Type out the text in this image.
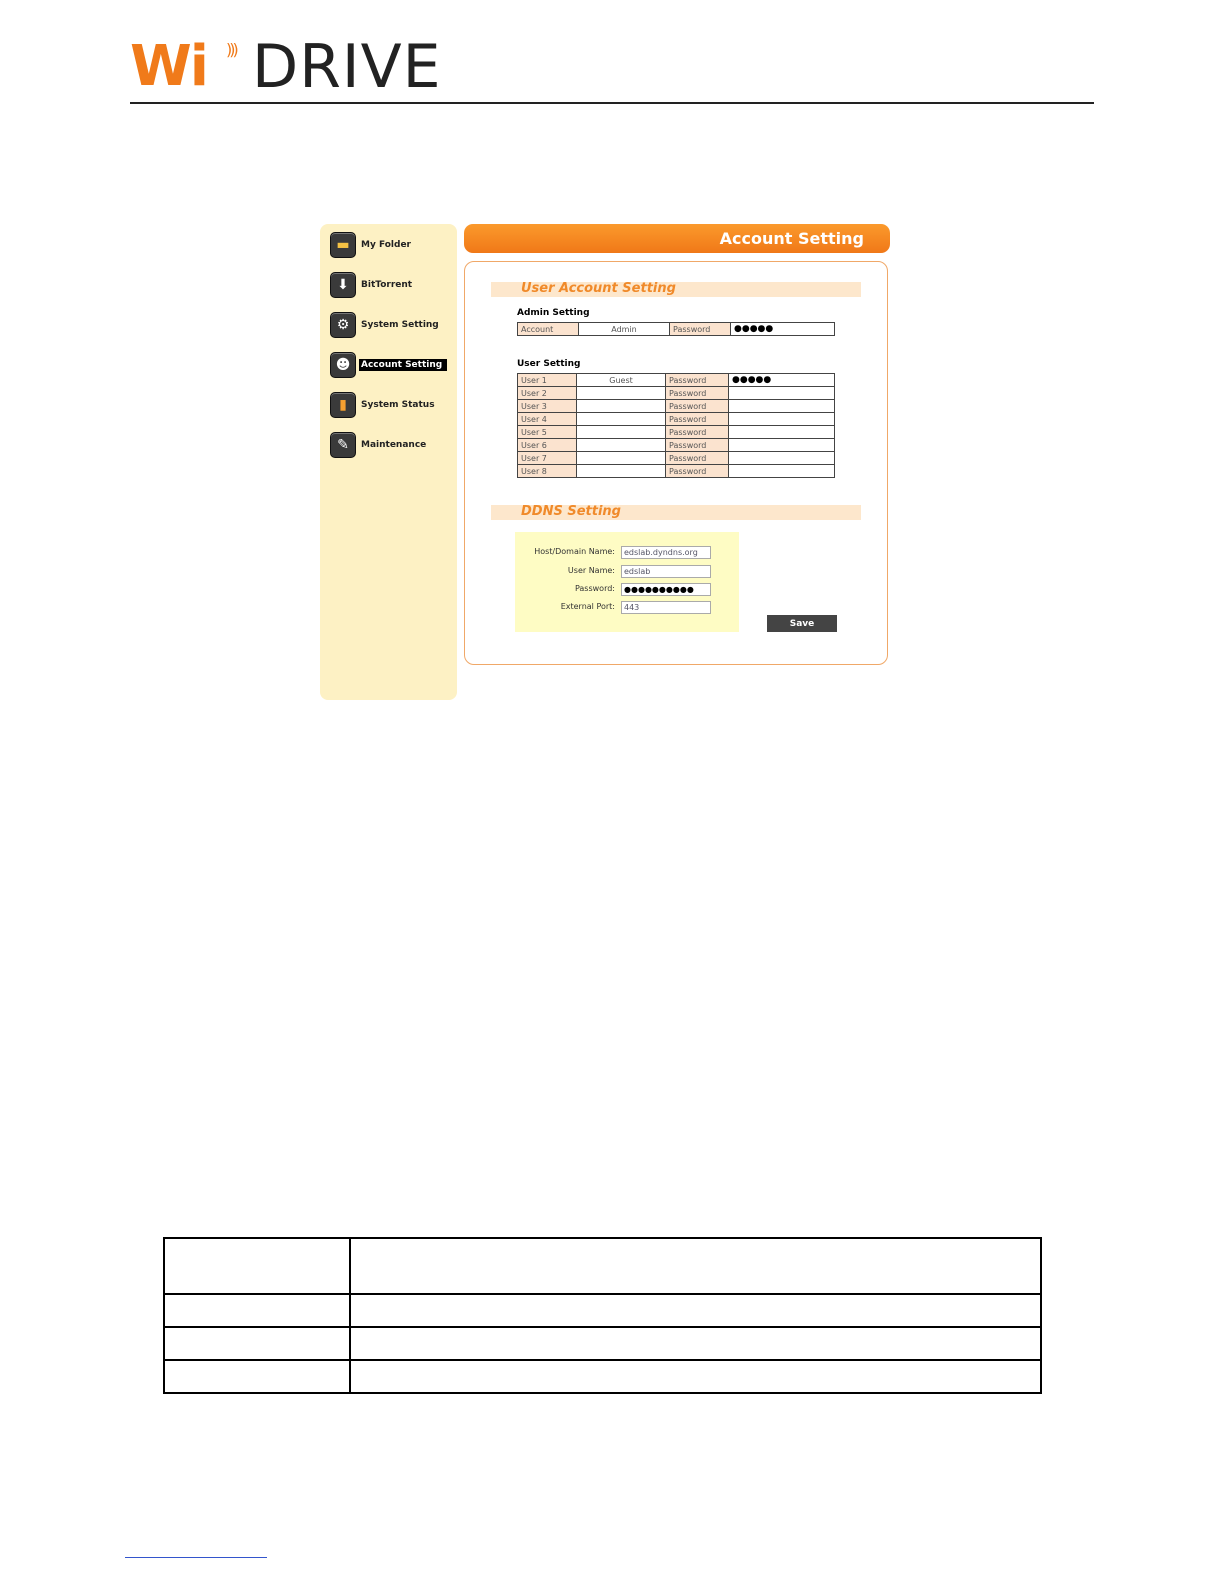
Wi ))) DRIVE
▬	My Folder
⬇	BitTorrent
⚙	System Setting
☻	Account Setting
▮	System Status
✎	Maintenance
Account Setting
User Account Setting
Admin Setting
Account	Admin	Password	●●●●●
User Setting
User 1	Guest	Password	●●●●●
User 2		Password	
User 3		Password	
User 4		Password	
User 5		Password	
User 6		Password	
User 7		Password	
User 8		Password	
DDNS Setting
Host/Domain Name:	edslab.dyndns.org
User Name:	edslab
Password:	●●●●●●●●●●
External Port:	443
Save
